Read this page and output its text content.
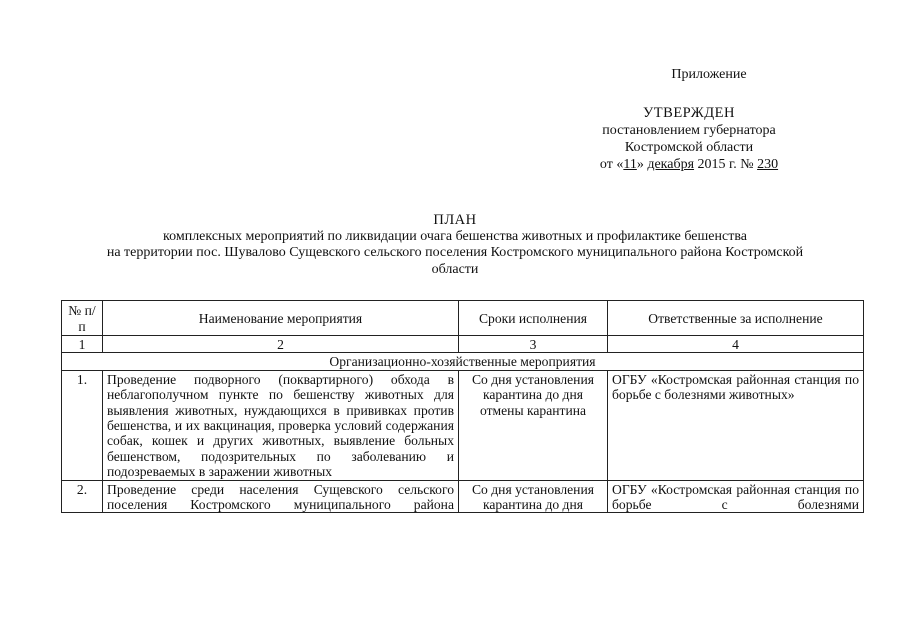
Приложение
УТВЕРЖДЕН
постановлением губернатора
Костромской области
от «11» декабря 2015 г. № 230
ПЛАН
комплексных мероприятий по ликвидации очага бешенства животных и профилактике бешенства
на территории пос. Шувалово Сущевского сельского поселения Костромского муниципального района Костромской
области
№ п/п	Наименование мероприятия	Сроки исполнения	Ответственные за исполнение
1	2	3	4
Организационно-хозяйственные мероприятия			
1.	Проведение подворного (поквартирного) обхода в неблагополучном пункте по бешенству животных для выявления животных, нуждающихся в прививках против бешенства, и их вакцинация, проверка условий содержания собак, кошек и других животных, выявление больных бешенством, подозрительных по заболеванию и подозреваемых в заражении животных	Со дня установления карантина до дня отмены карантина	ОГБУ «Костромская районная станция по борьбе с болезнями животных»
2.	Проведение среди населения Сущевского сельского поселения Костромского муниципального района	Со дня установления карантина до дня	ОГБУ «Костромская районная станция по борьбе с болезнями
